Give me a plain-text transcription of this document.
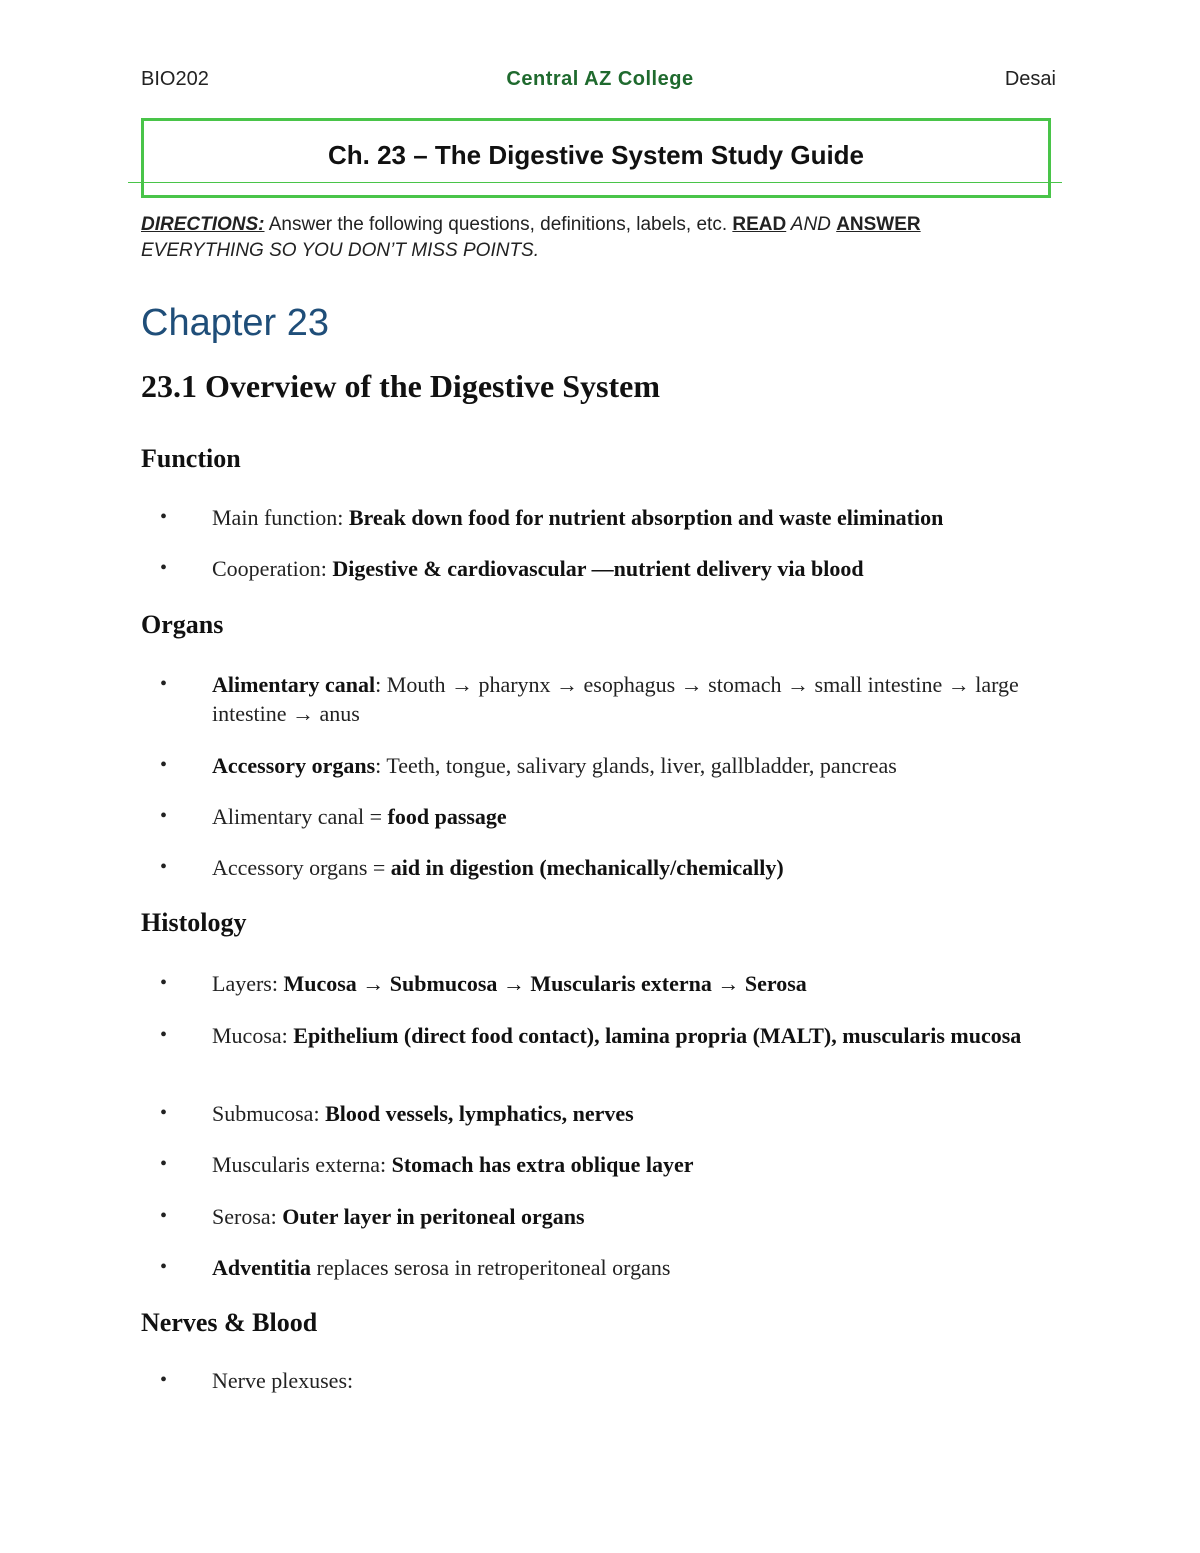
BIO202	Central AZ College	Desai
Ch. 23 – The Digestive System Study Guide
DIRECTIONS: Answer the following questions, definitions, labels, etc. READ AND ANSWER
EVERYTHING SO YOU DON’T MISS POINTS.
Chapter 23
23.1 Overview of the Digestive System
Function
• Main function: Break down food for nutrient absorption and waste elimination
• Cooperation: Digestive & cardiovascular —nutrient delivery via blood
Organs
• Alimentary canal: Mouth → pharynx → esophagus → stomach → small intestine → large intestine → anus
• Accessory organs: Teeth, tongue, salivary glands, liver, gallbladder, pancreas
• Alimentary canal = food passage
• Accessory organs = aid in digestion (mechanically/chemically)
Histology
• Layers: Mucosa → Submucosa → Muscularis externa → Serosa
• Mucosa: Epithelium (direct food contact), lamina propria (MALT), muscularis mucosa
• Submucosa: Blood vessels, lymphatics, nerves
• Muscularis externa: Stomach has extra oblique layer
• Serosa: Outer layer in peritoneal organs
• Adventitia replaces serosa in retroperitoneal organs
Nerves & Blood
• Nerve plexuses:
